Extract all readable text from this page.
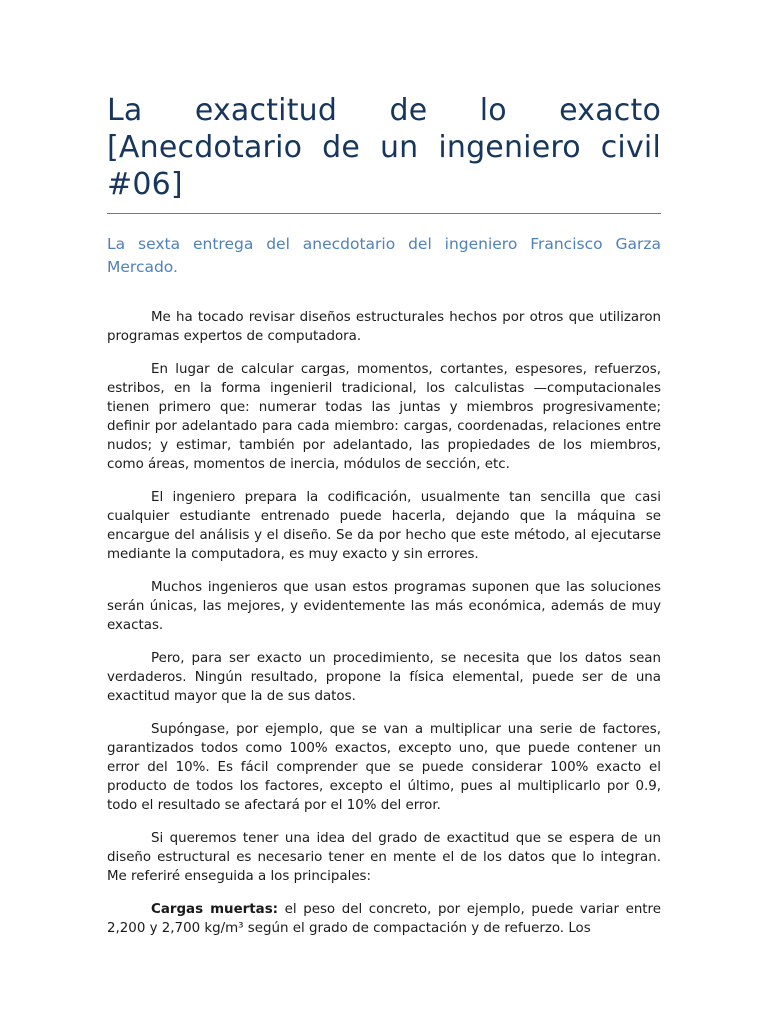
La exactitud de lo exacto [Anecdotario de un ingeniero civil #06]

La sexta entrega del anecdotario del ingeniero Francisco Garza Mercado.

Me ha tocado revisar diseños estructurales hechos por otros que utilizaron programas expertos de computadora.

En lugar de calcular cargas, momentos, cortantes, espesores, refuerzos, estribos, en la forma ingenieril tradicional, los calculistas —computacionales tienen primero que: numerar todas las juntas y miembros progresivamente; definir por adelantado para cada miembro: cargas, coordenadas, relaciones entre nudos; y estimar, también por adelantado, las propiedades de los miembros, como áreas, momentos de inercia, módulos de sección, etc.

El ingeniero prepara la codificación, usualmente tan sencilla que casi cualquier estudiante entrenado puede hacerla, dejando que la máquina se encargue del análisis y el diseño. Se da por hecho que este método, al ejecutarse mediante la computadora, es muy exacto y sin errores.

Muchos ingenieros que usan estos programas suponen que las soluciones serán únicas, las mejores, y evidentemente las más económica, además de muy exactas.

Pero, para ser exacto un procedimiento, se necesita que los datos sean verdaderos. Ningún resultado, propone la física elemental, puede ser de una exactitud mayor que la de sus datos.

Supóngase, por ejemplo, que se van a multiplicar una serie de factores, garantizados todos como 100% exactos, excepto uno, que puede contener un error del 10%. Es fácil comprender que se puede considerar 100% exacto el producto de todos los factores, excepto el último, pues al multiplicarlo por 0.9, todo el resultado se afectará por el 10% del error.

Si queremos tener una idea del grado de exactitud que se espera de un diseño estructural es necesario tener en mente el de los datos que lo integran. Me referiré enseguida a los principales:

Cargas muertas: el peso del concreto, por ejemplo, puede variar entre 2,200 y 2,700 kg/m³ según el grado de compactación y de refuerzo. Los
